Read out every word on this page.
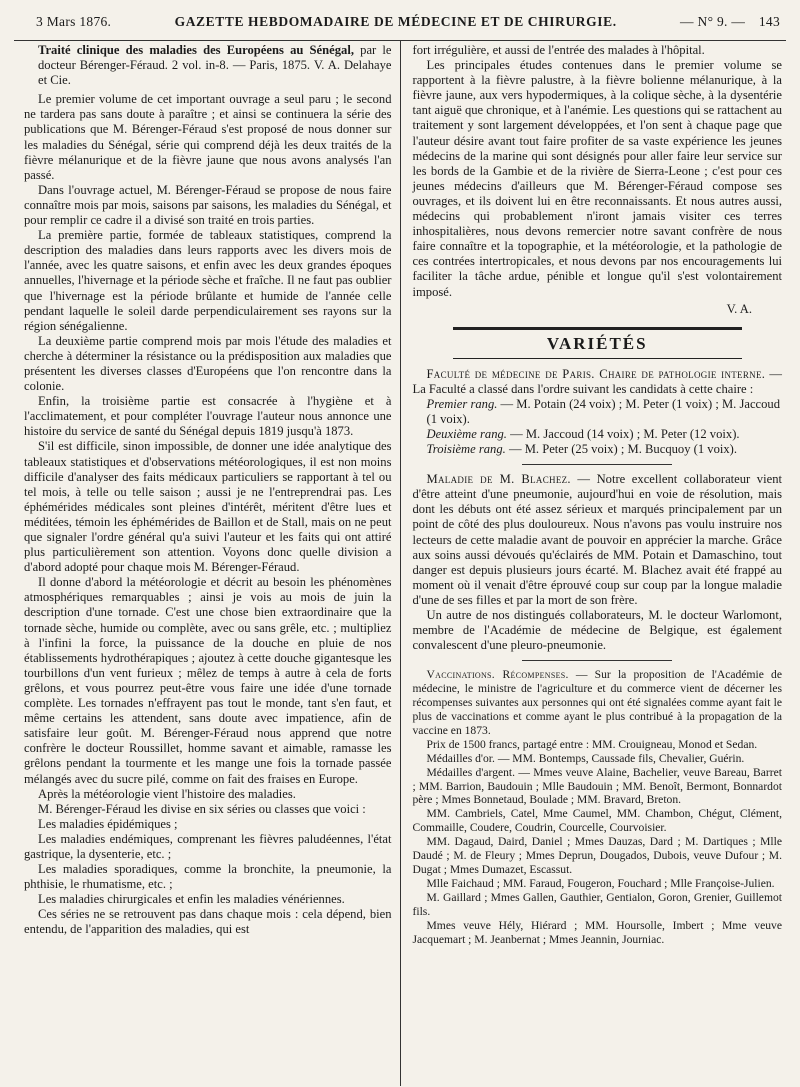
3 Mars 1876.	GAZETTE HEBDOMADAIRE DE MÉDECINE ET DE CHIRURGIE.	— N° 9. — 143
Traité clinique des maladies des Européens au Sénégal, par le docteur Bérenger-Féraud. 2 vol. in-8. — Paris, 1875. V. A. Delahaye et Cie.

Le premier volume de cet important ouvrage a seul paru ; le second ne tardera pas sans doute à paraître ; et ainsi se continuera la série des publications que M. Bérenger-Féraud s'est proposé de nous donner sur les maladies du Sénégal, série qui comprend déjà les deux traités de la fièvre mélanurique et de la fièvre jaune que nous avons analysés l'an passé.

Dans l'ouvrage actuel, M. Bérenger-Féraud se propose de nous faire connaître mois par mois, saisons par saisons, les maladies du Sénégal, et pour remplir ce cadre il a divisé son traité en trois parties.

La première partie, formée de tableaux statistiques, comprend la description des maladies dans leurs rapports avec les divers mois de l'année, avec les quatre saisons, et enfin avec les deux grandes époques annuelles, l'hivernage et la période sèche et fraîche. Il ne faut pas oublier que l'hivernage est la période brûlante et humide de l'année celle pendant laquelle le soleil darde perpendiculairement ses rayons sur la région sénégalienne.

La deuxième partie comprend mois par mois l'étude des maladies et cherche à déterminer la résistance ou la prédisposition aux maladies que présentent les diverses classes d'Européens que l'on rencontre dans la colonie.

Enfin, la troisième partie est consacrée à l'hygiène et à l'acclimatement, et pour compléter l'ouvrage l'auteur nous annonce une histoire du service de santé du Sénégal depuis 1819 jusqu'à 1873.

S'il est difficile, sinon impossible, de donner une idée analytique des tableaux statistiques et d'observations météorologiques, il est non moins difficile d'analyser des faits médicaux particuliers se rapportant à tel ou tel mois, à telle ou telle saison ; aussi je ne l'entreprendrai pas. Les éphémérides médicales sont pleines d'intérêt, méritent d'être lues et méditées, témoin les éphémérides de Baillon et de Stall, mais on ne peut que signaler l'ordre général qu'a suivi l'auteur et les faits qui ont attiré plus particulièrement son attention. Voyons donc quelle division a d'abord adopté pour chaque mois M. Bérenger-Féraud.

Il donne d'abord la météorologie et décrit au besoin les phénomènes atmosphériques remarquables ; ainsi je vois au mois de juin la description d'une tornade. C'est une chose bien extraordinaire que la tornade sèche, humide ou complète, avec ou sans grêle, etc. ; multipliez à l'infini la force, la puissance de la douche en pluie de nos établissements hydrothérapiques ; ajoutez à cette douche gigantesque les tourbillons d'un vent furieux ; mêlez de temps à autre à cela de forts grêlons, et vous pourrez peut-être vous faire une idée d'une tornade complète. Les tornades n'effrayent pas tout le monde, tant s'en faut, et même certains les attendent, sans doute avec impatience, afin de satisfaire leur goût. M. Bérenger-Féraud nous apprend que notre confrère le docteur Roussillet, homme savant et aimable, ramasse les grêlons pendant la tourmente et les mange une fois la tornade passée mélangés avec du sucre pilé, comme on fait des fraises en Europe.

Après la météorologie vient l'histoire des maladies.

M. Bérenger-Féraud les divise en six séries ou classes que voici :

Les maladies épidémiques ;

Les maladies endémiques, comprenant les fièvres paludéennes, l'état gastrique, la dysenterie, etc. ;

Les maladies sporadiques, comme la bronchite, la pneumonie, la phthisie, le rhumatisme, etc. ;

Les maladies chirurgicales et enfin les maladies vénériennes.

Ces séries ne se retrouvent pas dans chaque mois : cela dépend, bien entendu, de l'apparition des maladies, qui est

fort irrégulière, et aussi de l'entrée des malades à l'hôpital.

Les principales études contenues dans le premier volume se rapportent à la fièvre palustre, à la fièvre bolienne mélanurique, à la fièvre jaune, aux vers hypodermiques, à la colique sèche, à la dysentérie tant aiguë que chronique, et à l'anémie. Les questions qui se rattachent au traitement y sont largement développées, et l'on sent à chaque page que l'auteur désire avant tout faire profiter de sa vaste expérience les jeunes médecins de la marine qui sont désignés pour aller faire leur service sur les bords de la Gambie et de la rivière de Sierra-Leone ; c'est pour ces jeunes médecins d'ailleurs que M. Bérenger-Féraud compose ses ouvrages, et ils doivent lui en être reconnaissants. Et nous autres aussi, médecins qui probablement n'iront jamais visiter ces terres inhospitalières, nous devons remercier notre savant confrère de nous faire connaître et la topographie, et la météorologie, et la pathologie de ces contrées intertropicales, et nous devons par nos encouragements lui faciliter la tâche ardue, pénible et longue qu'il s'est volontairement imposé.

V. A.
VARIÉTÉS

Faculté de médecine de Paris. Chaire de pathologie interne. — La Faculté a classé dans l'ordre suivant les candidats à cette chaire :

Premier rang. — M. Potain (24 voix) ; M. Peter (1 voix) ; M. Jaccoud (1 voix).
Deuxième rang. — M. Jaccoud (14 voix) ; M. Peter (12 voix).
Troisième rang. — M. Peter (25 voix) ; M. Bucquoy (1 voix).

Maladie de M. Blachez. — Notre excellent collaborateur vient d'être atteint d'une pneumonie, aujourd'hui en voie de résolution, mais dont les débuts ont été assez sérieux et marqués principalement par un point de côté des plus douloureux. Nous n'avons pas voulu instruire nos lecteurs de cette maladie avant de pouvoir en apprécier la marche. Grâce aux soins aussi dévoués qu'éclairés de MM. Potain et Damaschino, tout danger est depuis plusieurs jours écarté. M. Blachez avait été frappé au moment où il venait d'être éprouvé coup sur coup par la longue maladie d'une de ses filles et par la mort de son frère.

Un autre de nos distingués collaborateurs, M. le docteur Warlomont, membre de l'Académie de médecine de Belgique, est également convalescent d'une pleuro-pneumonie.

Vaccinations. Récompenses. — Sur la proposition de l'Académie de médecine, le ministre de l'agriculture et du commerce vient de décerner les récompenses suivantes aux personnes qui ont été signalées comme ayant fait le plus de vaccinations et comme ayant le plus contribué à la propagation de la vaccine en 1873.

Prix de 1500 francs, partagé entre : MM. Crouigneau, Monod et Sedan.

Médailles d'or. — MM. Bontemps, Caussade fils, Chevalier, Guérin.

Médailles d'argent. — Mmes veuve Alaine, Bachelier, veuve Bareau, Barret ; MM. Barrion, Baudouin ; Mlle Baudouin ; MM. Benoît, Bermont, Bonnardot père ; Mmes Bonnetaud, Boulade ; MM. Bravard, Breton.

MM. Cambriels, Catel, Mme Caumel, MM. Chambon, Chégut, Clément, Commaille, Coudere, Coudrin, Courcelle, Courvoisier.

MM. Dagaud, Daird, Daniel ; Mmes Dauzas, Dard ; M. Dartiques ; Mlle Daudé ; M. de Fleury ; Mmes Deprun, Dougados, Dubois, veuve Dufour ; M. Dugat ; Mmes Dumazet, Escassut.

Mlle Faichaud ; MM. Faraud, Fougeron, Fouchard ; Mlle Françoise-Julien.

M. Gaillard ; Mmes Gallen, Gauthier, Gentialon, Goron, Grenier, Guillemot fils.

Mmes veuve Hély, Hiérard ; MM. Hoursolle, Imbert ; Mme veuve Jacquemart ; M. Jeanbernat ; Mmes Jeannin, Journiac.
